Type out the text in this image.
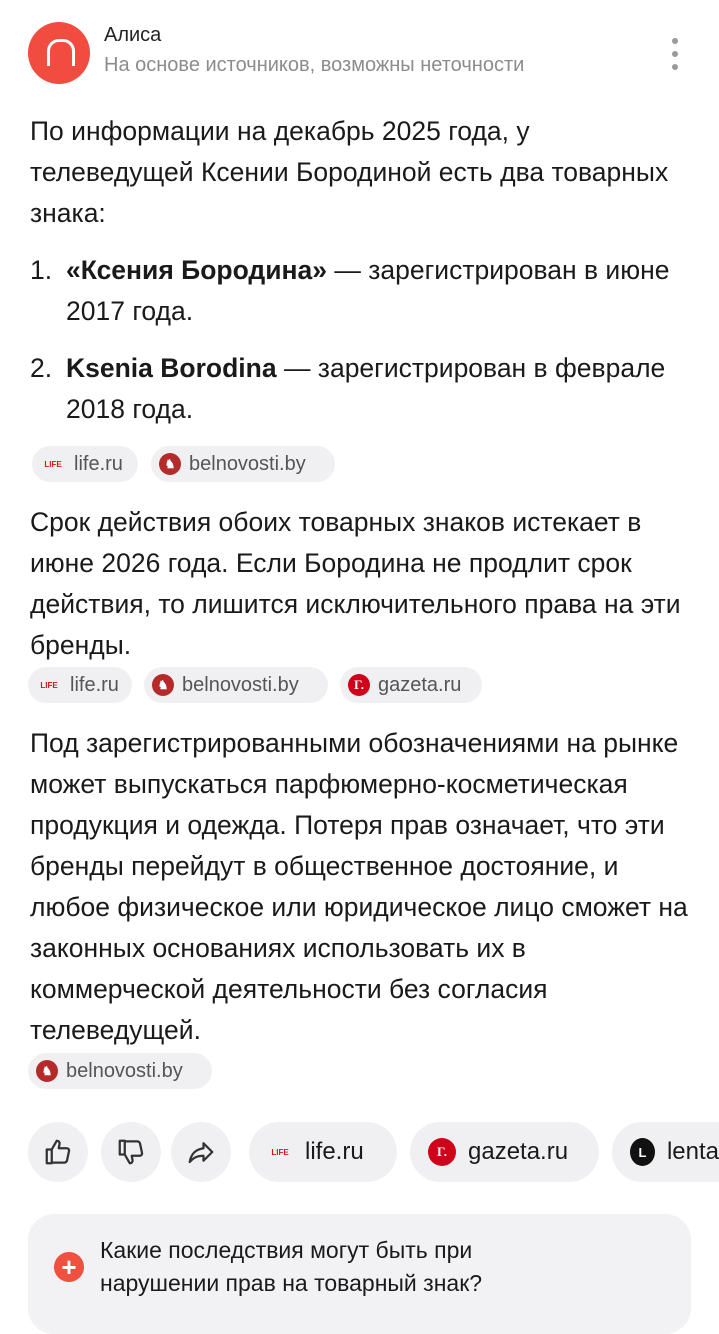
Алиса
На основе источников, возможны неточности

По информации на декабрь 2025 года, у телеведущей Ксении Бородиной есть два товарных знака:

1. «Ксения Бородина» — зарегистрирован в июне 2017 года.
2. Ksenia Borodina — зарегистрирован в феврале 2018 года.
LIFE life.ru	♞ belnovosti.by

Срок действия обоих товарных знаков истекает в июне 2026 года. Если Бородина не продлит срок действия, то лишится исключительного права на эти бренды.

LIFE life.ru	♞ belnovosti.by	Г. gazeta.ru

Под зарегистрированными обозначениями на рынке может выпускаться парфюмерно-косметическая продукция и одежда. Потеря прав означает, что эти бренды перейдут в общественное достояние, и любое физическое или юридическое лицо сможет на законных основаниях использовать их в коммерческой деятельности без согласия телеведущей.

♞ belnovosti.by
LIFE life.ru	Г. gazeta.ru	L lenta
+
Какие последствия могут быть при нарушении прав на товарный знак?
